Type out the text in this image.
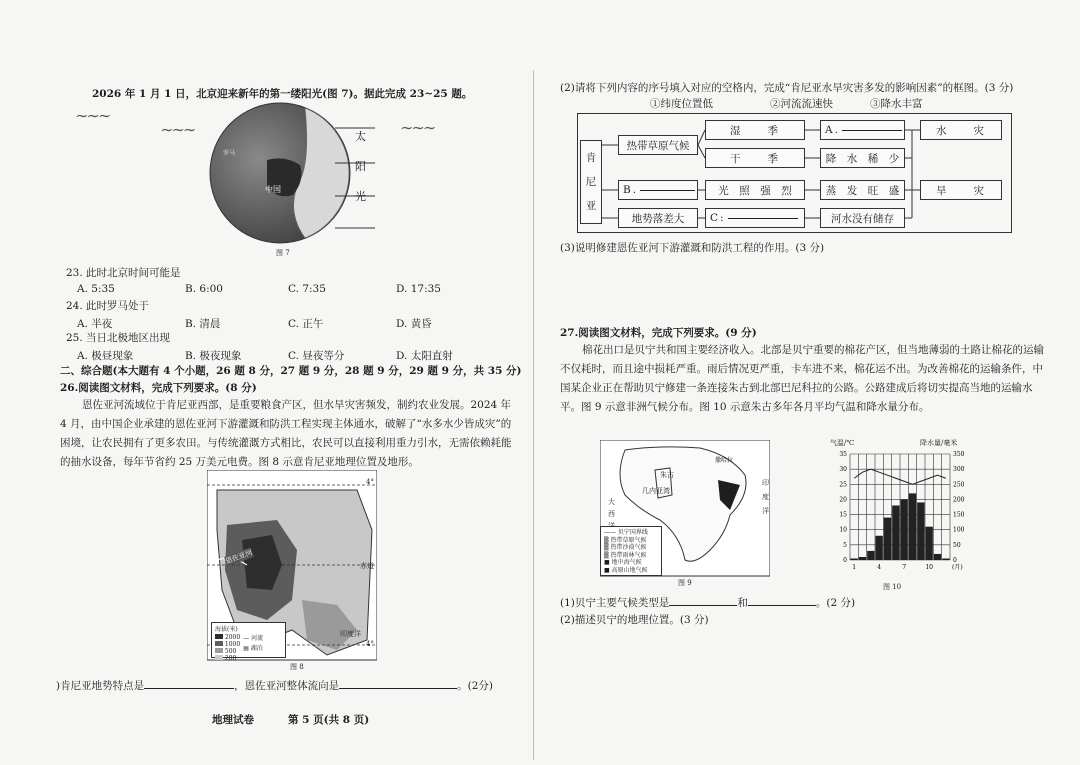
2026 年 1 月 1 日，北京迎来新年的第一缕阳光(图 7)。据此完成 23~25 题。
∼∼∼
∼∼∼	∼∼∼
中国
罗马
太
阳
光
图 7
23. 此时北京时间可能是
A. 5:35	B. 6:00	C. 7:35	D. 17:35
24. 此时罗马处于
A. 半夜	B. 清晨	C. 正午	D. 黄昏
25. 当日北极地区出现
A. 极昼现象	B. 极夜现象	C. 昼夜等分	D. 太阳直射
二、综合题(本大题有 4 个小题，26 题 8 分，27 题 9 分，28 题 9 分，29 题 9 分，共 35 分)
26.阅读图文材料，完成下列要求。(8 分)
恩佐亚河流域位于肯尼亚西部，是重要粮食产区，但水旱灾害频发，制约农业发展。2024 年 4 月，由中国企业承建的恩佐亚河下游灌溉和防洪工程实现主体通水，破解了“水多水少皆成灾”的困境，让农民拥有了更多农田。与传统灌溉方式相比，农民可以直接利用重力引水，无需依赖耗能的抽水设备，每年节省约 25 万美元电费。图 8 示意肯尼亚地理位置及地形。
恩佐亚河
赤道
印度洋
4°
4°
海拔(米)
2000
1000
500
200
— 河流
▤ 湖泊
图 8
)肯尼亚地势特点是	，恩佐亚河整体流向是	。(2分)
地理试卷	第 5 页(共 8 页)
(2)请将下列内容的序号填入对应的空格内，完成“肯尼亚水旱灾害多发的影响因素”的框图。(3 分)
①纬度位置低	②河流流速快	③降水丰富
肯
尼
亚
热带草原气候
湿　　季
干　　季
A.
降　水　稀　少
水　　灾
B.	光　照　强　烈	蒸　发　旺　盛	旱　　灾
地势落差大	C:	河水没有储存
(3)说明修建恩佐亚河下游灌溉和防洪工程的作用。(3 分)
27.阅读图文材料，完成下列要求。(9 分)
棉花出口是贝宁共和国主要经济收入。北部是贝宁重要的棉花产区，但当地薄弱的土路让棉花的运输不仅耗时，而且途中损耗严重。雨后情况更严重，卡车进不来，棉花运不出。为改善棉花的运输条件，中国某企业正在帮助贝宁修建一条连接朱古到北部巴尼科拉的公路。公路建成后将切实提高当地的运输水平。图 9 示意非洲气候分布。图 10 示意朱古多年各月平均气温和降水量分布。
撒哈拉
朱古
几内亚湾
大
西
印
度
洋
—— 贝宁国界线
▒ 热带草原气候
▒ 热带沙漠气候
▒ 热带雨林气候
■ 地中海气候
■ 高原山地气候
图 9
气温/℃	降水量/毫米
35
30
25
20
15
10
5
0
350
300
250
200
150
100
50
0
1	4	7	10	(月)
图 10
(1)贝宁主要气候类型是	和	。(2 分)
(2)描述贝宁的地理位置。(3 分)
